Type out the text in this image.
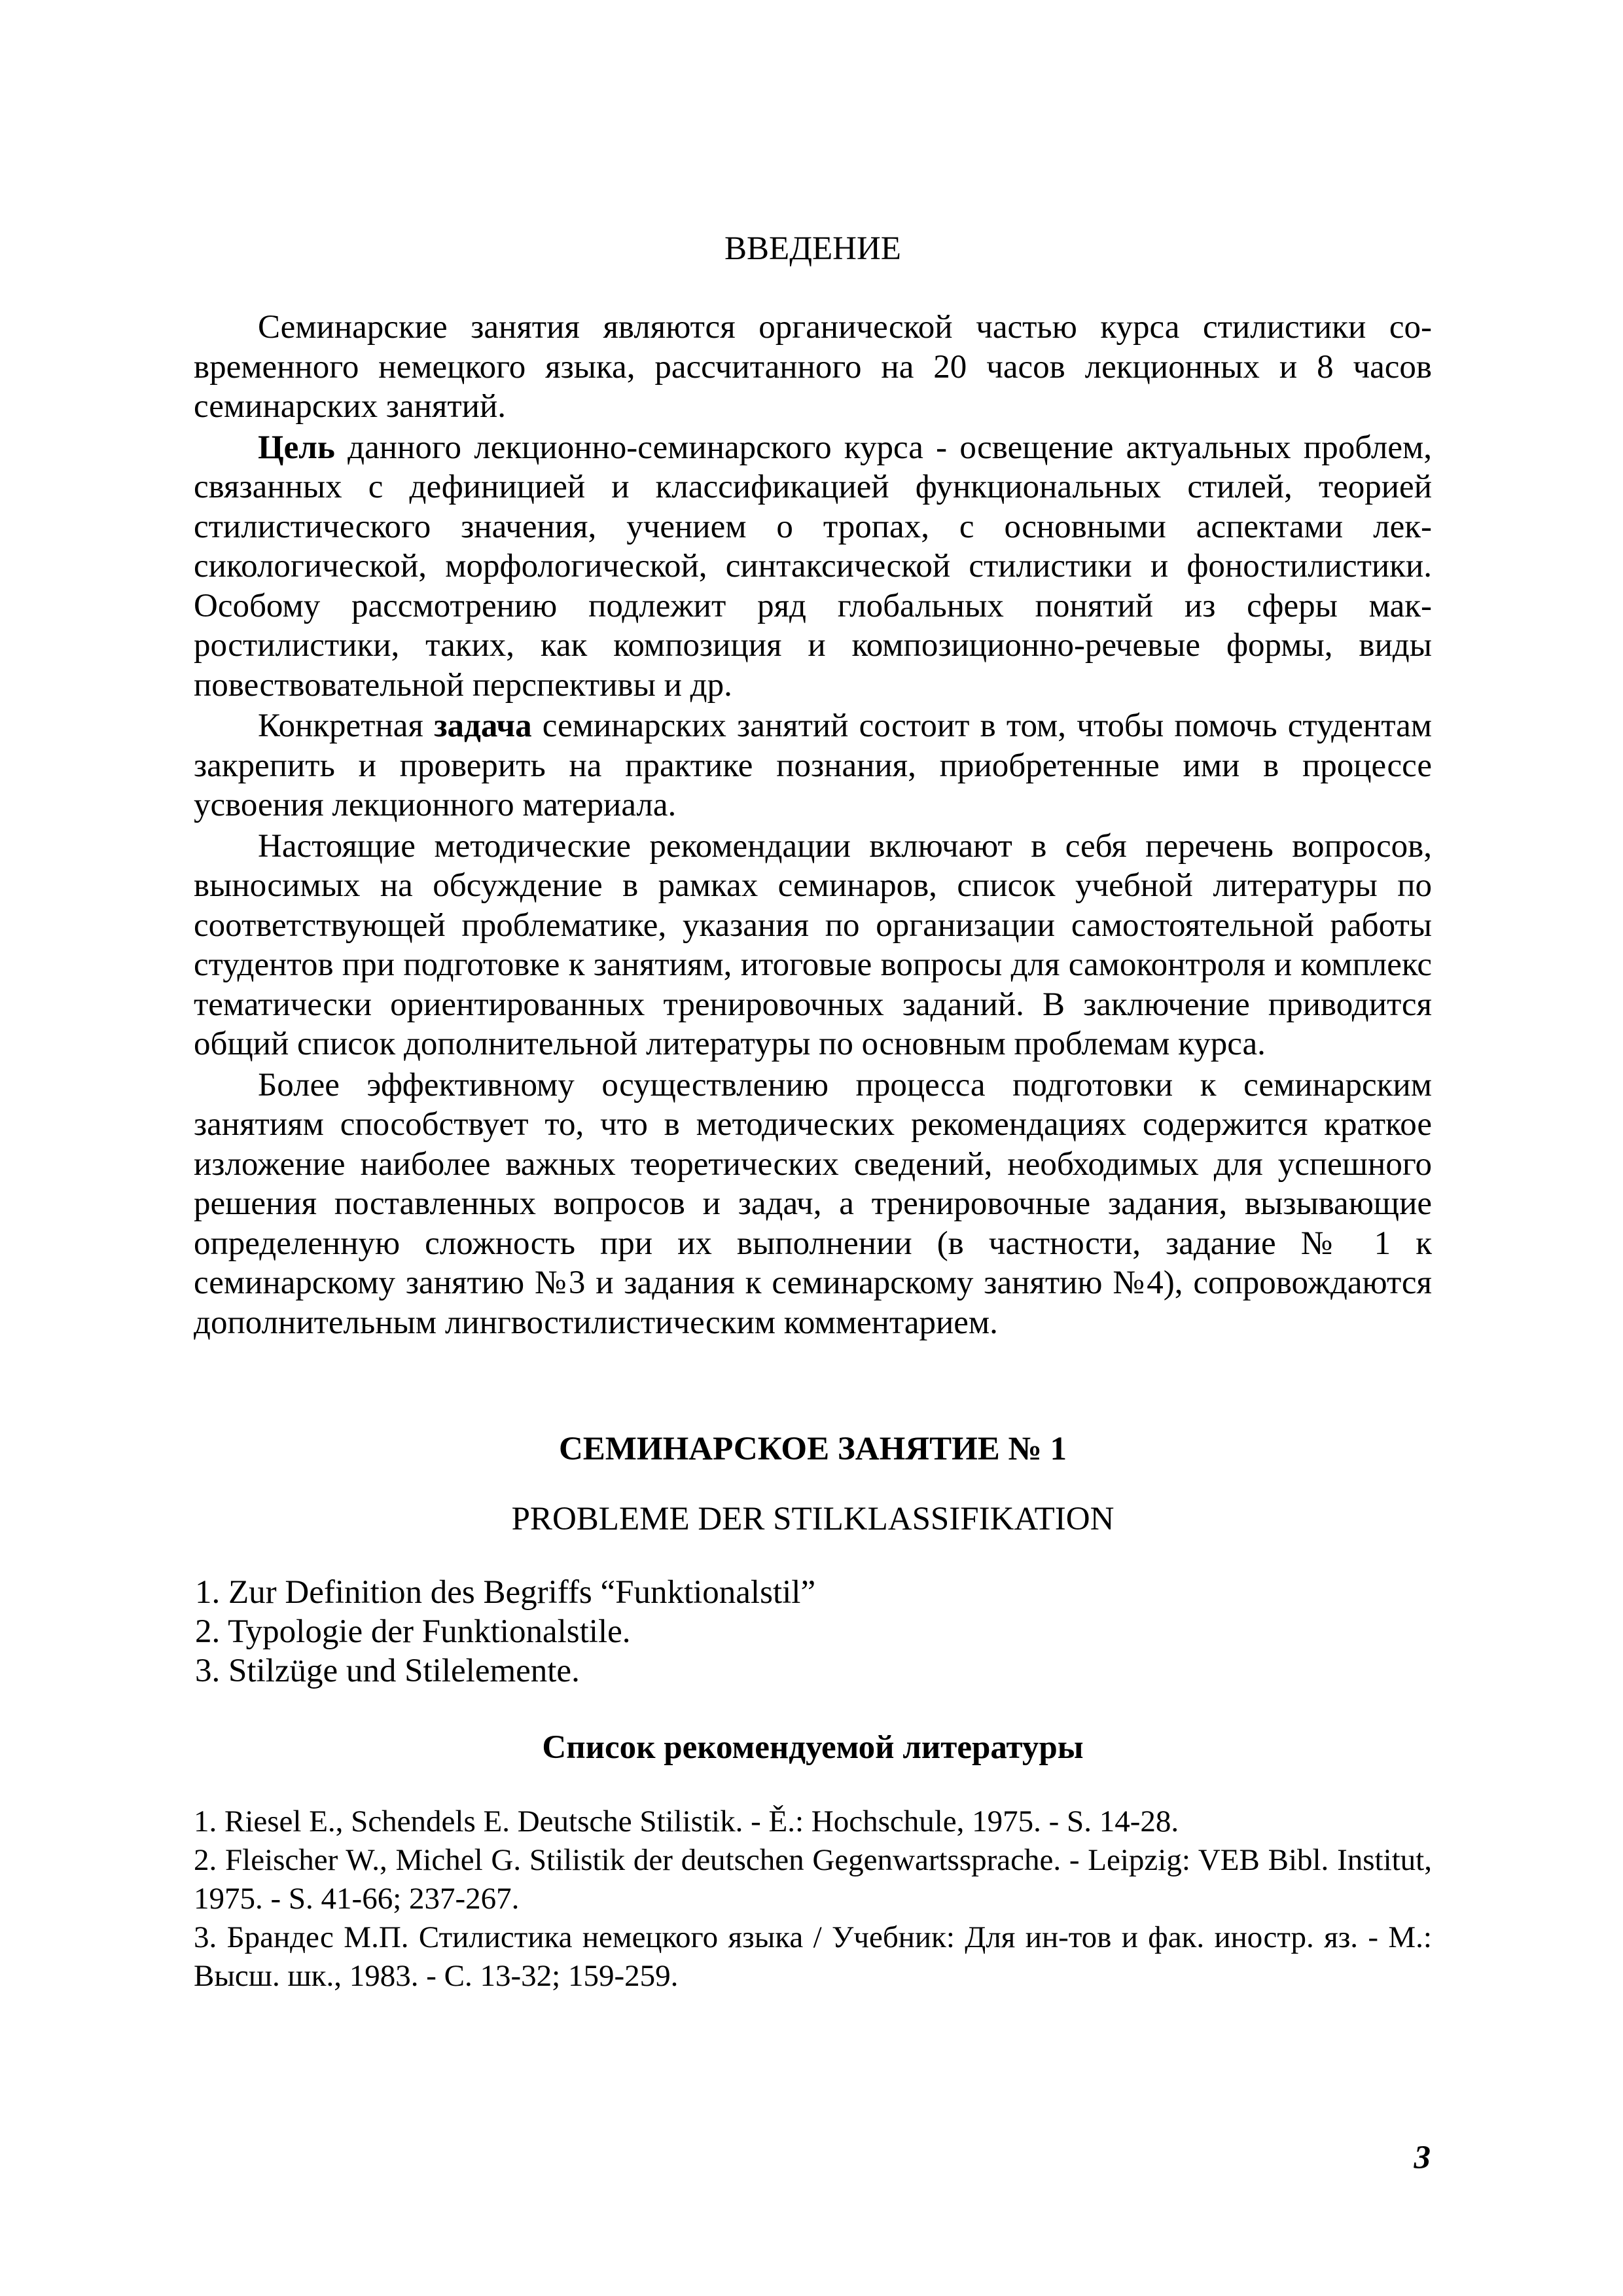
ВВЕДЕНИЕ

Семинарские занятия являются органической частью курса стилистики современного немецкого языка, рассчитанного на 20 часов лекционных и 8 часов семинарских занятий.

Цель данного лекционно-семинарского курса - освещение актуальных проблем, связанных с дефиницией и классификацией функциональных стилей, теорией стилистического значения, учением о тропах, с основными аспектами лексикологической, морфологической, синтаксической стилистики и фоностилистики. Особому рассмотрению подлежит ряд глобальных понятий из сферы макростилистики, таких, как композиция и композиционно-речевые формы, виды повествовательной перспективы и др.

Конкретная задача семинарских занятий состоит в том, чтобы помочь студентам закрепить и проверить на практике познания, приобретенные ими в процессе усвоения лекционного материала.

Настоящие методические рекомендации включают в себя перечень вопросов, выносимых на обсуждение в рамках семинаров, список учебной литературы по соответствующей проблематике, указания по организации самостоятельной работы студентов при подготовке к занятиям, итоговые вопросы для самоконтроля и комплекс тематически ориентированных тренировочных заданий. В заключение приводится общий список дополнительной литературы по основным проблемам курса.

Более эффективному осуществлению процесса подготовки к семинарским занятиям способствует то, что в методических рекомендациях содержится краткое изложение наиболее важных теоретических сведений, необходимых для успешного решения поставленных вопросов и задач, а тренировочные задания, вызывающие определенную сложность при их выполнении (в частности, задание № 1 к семинарскому занятию №3 и задания к семинарскому занятию №4), сопровождаются дополнительным лингвостилистическим комментарием.

СЕМИНАРСКОЕ ЗАНЯТИЕ № 1
PROBLEME DER STILKLASSIFIKATION
1. Zur Definition des Begriffs “Funktionalstil”
2. Typologie der Funktionalstile.
3. Stilzüge und Stilelemente.
Список рекомендуемой литературы
1. Riesel E., Schendels E. Deutsche Stilistik. - Ě.: Hochschule, 1975. - S. 14-28.
2. Fleischer W., Michel G. Stilistik der deutschen Gegenwartssprache. - Leipzig: VEB Bibl. Institut, 1975. - S. 41-66; 237-267.
3. Брандес М.П. Стилистика немецкого языка / Учебник: Для ин-тов и фак. иностр. яз. - М.: Высш. шк., 1983. - С. 13-32; 159-259.
3
